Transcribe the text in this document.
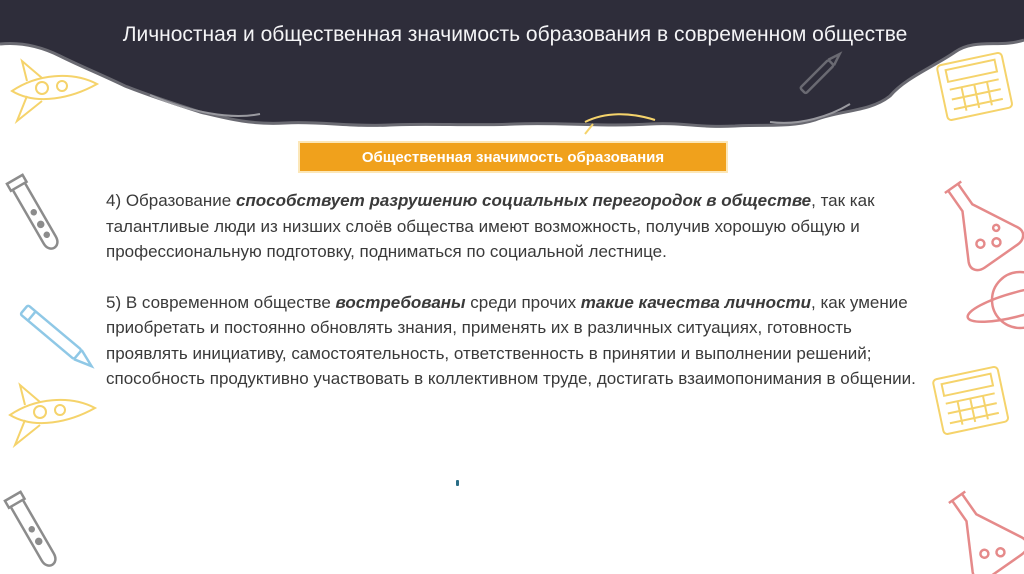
Личностная и общественная значимость образования в современном обществе
Общественная значимость образования

4) Образование способствует разрушению социальных перегородок в обществе, так как талантливые люди из низших слоёв общества имеют возможность, получив хорошую общую и профессиональную подготовку, подниматься по социальной лестнице.

5) В современном обществе востребованы среди прочих такие качества личности, как умение приобретать и постоянно обновлять знания, применять их в различных ситуациях, готовность проявлять инициативу, самостоятельность, ответственность в принятии и выполнении решений; способность продуктивно участвовать в коллективном труде, достигать взаимопонимания в общении.
